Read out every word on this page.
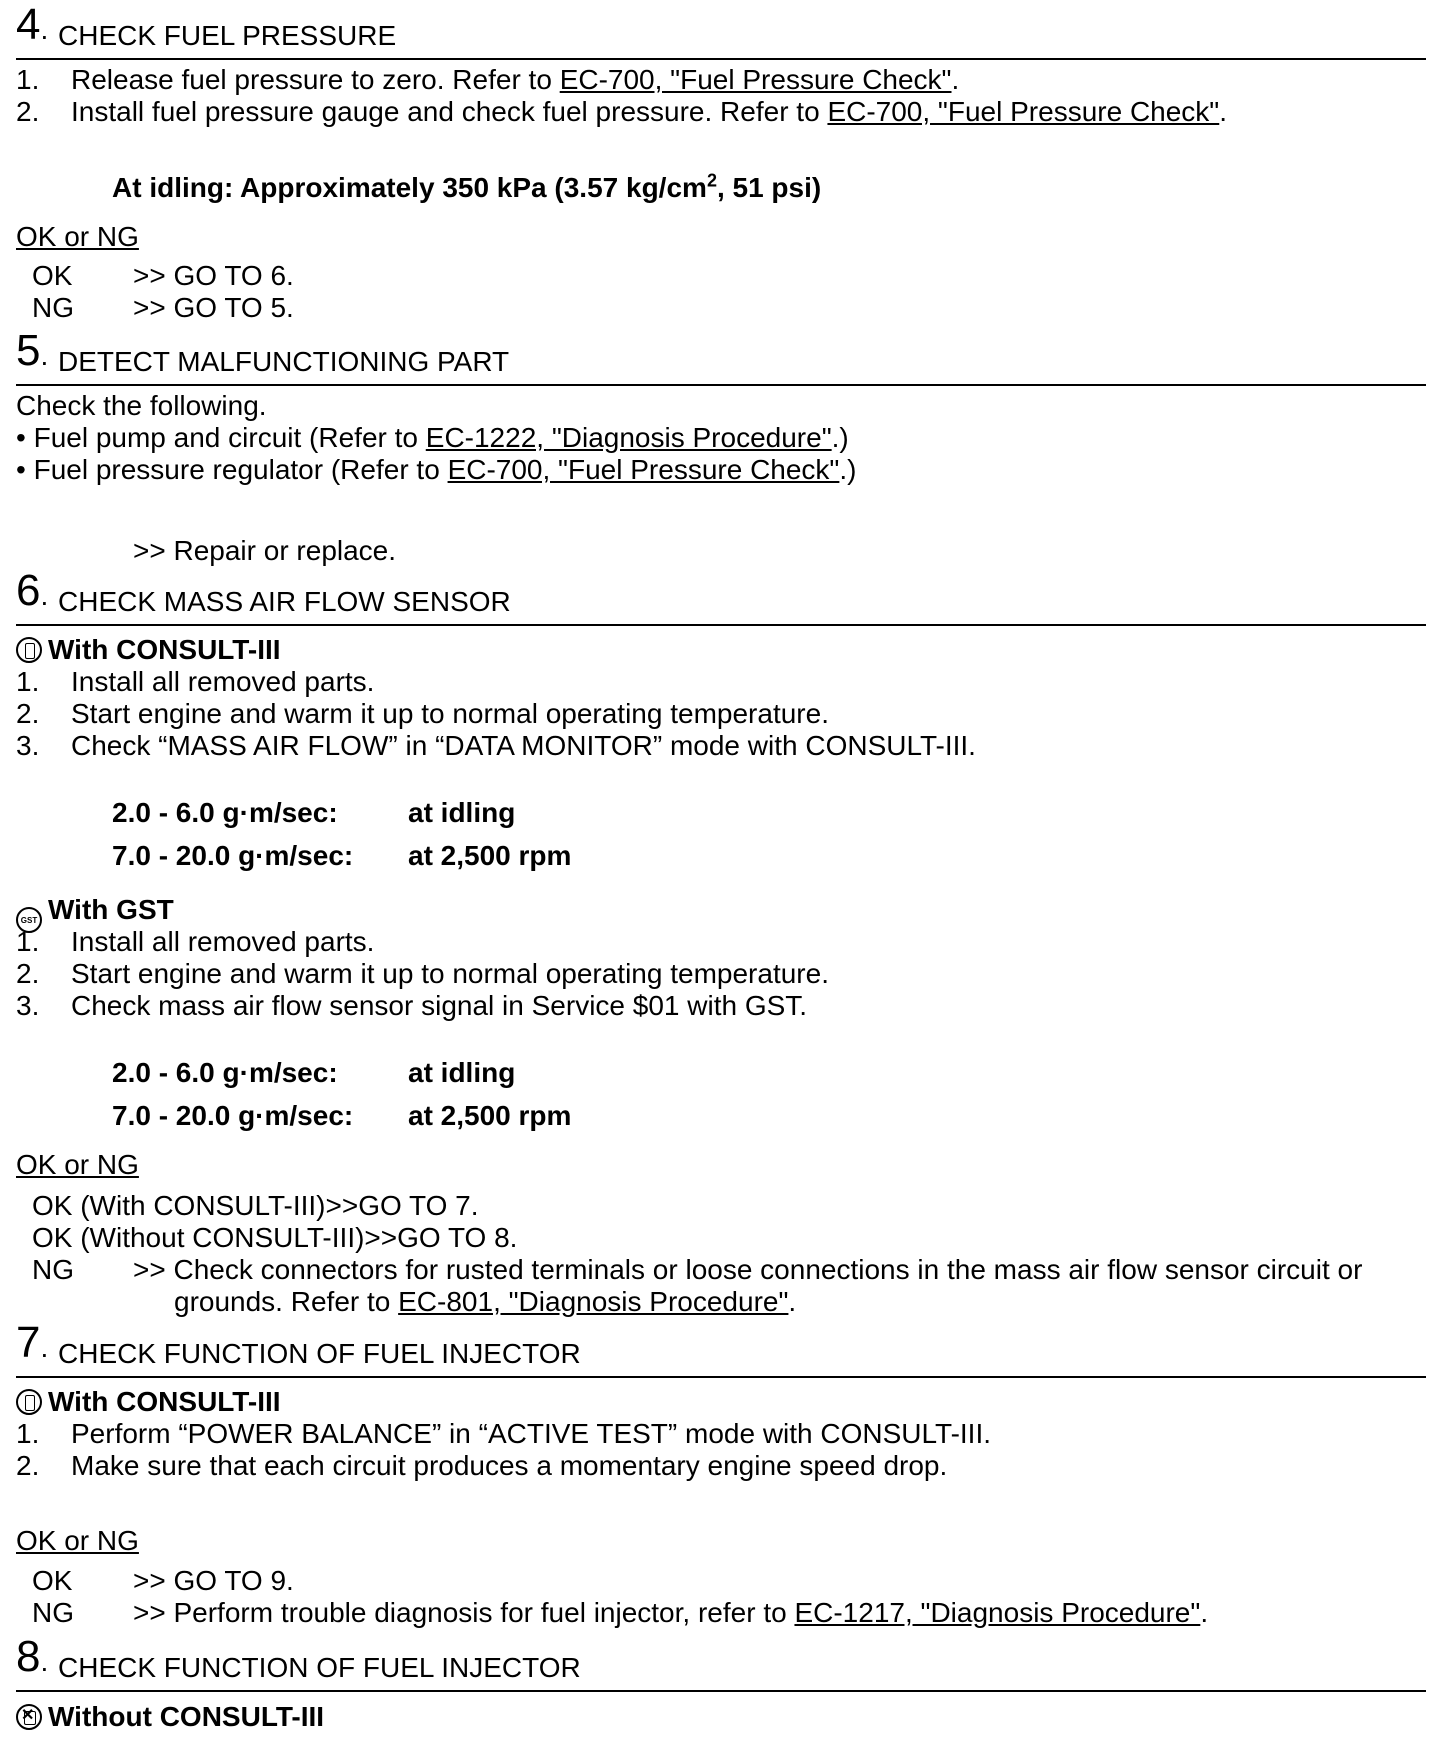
4. CHECK FUEL PRESSURE
1. Release fuel pressure to zero. Refer to EC-700, "Fuel Pressure Check".
2. Install fuel pressure gauge and check fuel pressure. Refer to EC-700, "Fuel Pressure Check".
At idling: Approximately 350 kPa (3.57 $kg/cm^2$, 51 psi)
OK or NG
OK >> GO TO 6.
NG >> GO TO 5.
5. DETECT MALFUNCTIONING PART
Check the following.
• Fuel pump and circuit (Refer to EC-1222, "Diagnosis Procedure".)
• Fuel pressure regulator (Refer to EC-700, "Fuel Pressure Check".)
>> Repair or replace.
6. CHECK MASS AIR FLOW SENSOR
With CONSULT-III
1. Install all removed parts.
2. Start engine and warm it up to normal operating temperature.
3. Check “MASS AIR FLOW” in “DATA MONITOR” mode with CONSULT-III.
2.0 - 6.0 g·m/sec:	at idling
7.0 - 20.0 g·m/sec: at 2,500 rpm
GSTWith GST
1. Install all removed parts.
2. Start engine and warm it up to normal operating temperature.
3. Check mass air flow sensor signal in Service $01 with GST.
2.0 - 6.0 g·m/sec:	at idling
7.0 - 20.0 g·m/sec: at 2,500 rpm
OK or NG
OK (With CONSULT-III)>>GO TO 7.
OK (Without CONSULT-III)>>GO TO 8.
NG >> Check connectors for rusted terminals or loose connections in the mass air flow sensor circuit or
grounds. Refer to EC-801, "Diagnosis Procedure".
7. CHECK FUNCTION OF FUEL INJECTOR
With CONSULT-III
1. Perform “POWER BALANCE” in “ACTIVE TEST” mode with CONSULT-III.
2. Make sure that each circuit produces a momentary engine speed drop.
OK or NG
OK >> GO TO 9.
NG >> Perform trouble diagnosis for fuel injector, refer to EC-1217, "Diagnosis Procedure".
8. CHECK FUNCTION OF FUEL INJECTOR
✕Without CONSULT-III
